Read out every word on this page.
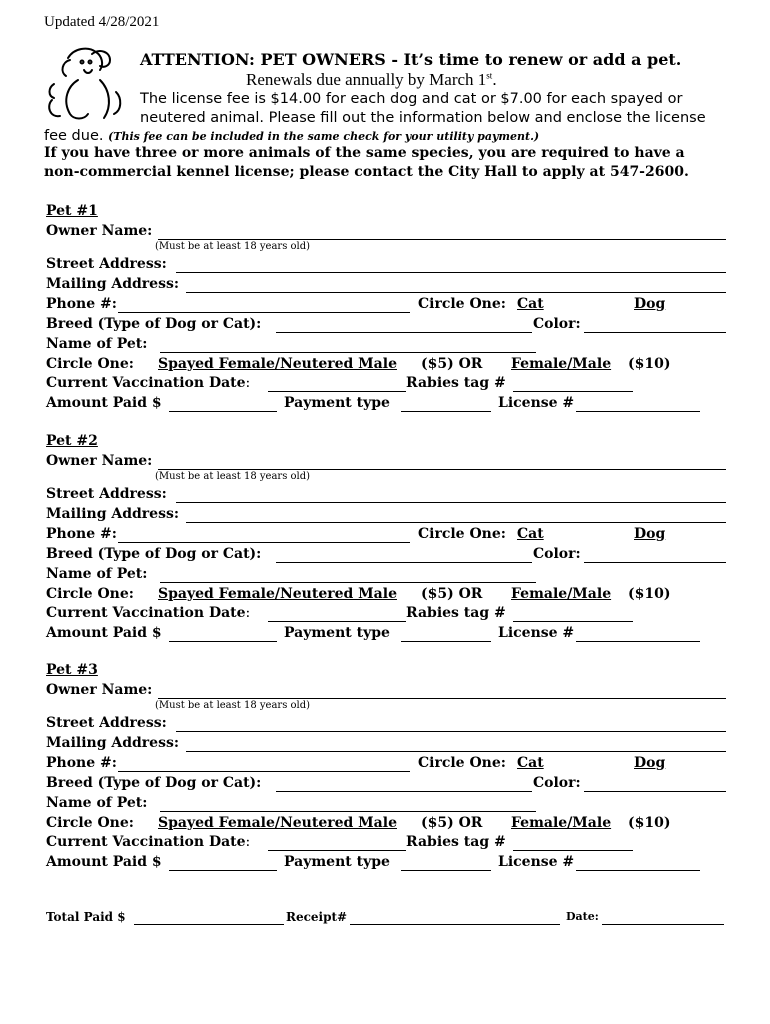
Updated 4/28/2021
ATTENTION: PET OWNERS - It’s time to renew or add a pet.
Renewals due annually by March 1st.
The license fee is $14.00 for each dog and cat or $7.00 for each spayed or
neutered animal. Please fill out the information below and enclose the license
fee due. (This fee can be included in the same check for your utility payment.)
If you have three or more animals of the same species, you are required to have a
non-commercial kennel license; please contact the City Hall to apply at 547-2600.
Pet #1
Owner Name:
(Must be at least 18 years old)
Street Address:
Mailing Address:
Phone #:	Circle One: Cat	Dog
Breed (Type of Dog or Cat):	Color:
Name of Pet:
Circle One: Spayed Female/Neutered Male ($5) OR Female/Male ($10)
Current Vaccination Date:	Rabies tag #
Amount Paid $	Payment type	License #
Pet #2
Owner Name:
(Must be at least 18 years old)
Street Address:
Mailing Address:
Phone #:	Circle One: Cat	Dog
Breed (Type of Dog or Cat):	Color:
Name of Pet:
Circle One: Spayed Female/Neutered Male ($5) OR Female/Male ($10)
Current Vaccination Date:	Rabies tag #
Amount Paid $	Payment type	License #
Pet #3
Owner Name:
(Must be at least 18 years old)
Street Address:
Mailing Address:
Phone #:	Circle One: Cat	Dog
Breed (Type of Dog or Cat):	Color:
Name of Pet:
Circle One: Spayed Female/Neutered Male ($5) OR Female/Male ($10)
Current Vaccination Date:	Rabies tag #
Amount Paid $	Payment type	License #
Total Paid $	Receipt#	Date:
